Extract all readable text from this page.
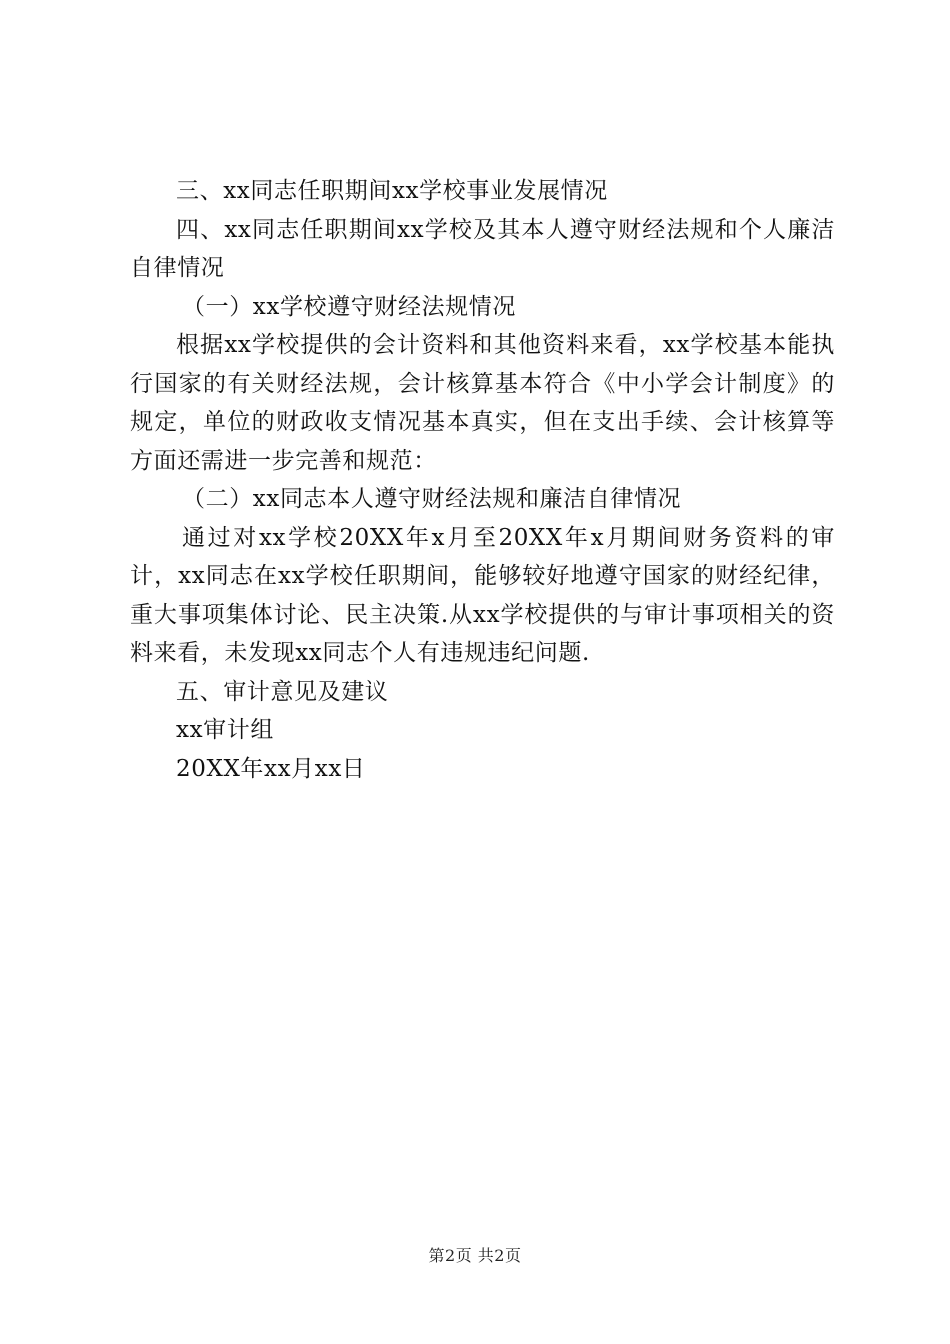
三、xx同志任职期间xx学校事业发展情况

四、xx同志任职期间xx学校及其本人遵守财经法规和个人廉洁自律情况

（一）xx学校遵守财经法规情况

根据xx学校提供的会计资料和其他资料来看，xx学校基本能执行国家的有关财经法规，会计核算基本符合《中小学会计制度》的规定，单位的财政收支情况基本真实，但在支出手续、会计核算等方面还需进一步完善和规范：

（二）xx同志本人遵守财经法规和廉洁自律情况

通过对xx学校20XX年x月至20XX年x月期间财务资料的审计，xx同志在xx学校任职期间，能够较好地遵守国家的财经纪律，重大事项集体讨论、民主决策.从xx学校提供的与审计事项相关的资料来看，未发现xx同志个人有违规违纪问题.

五、审计意见及建议

xx审计组

20XX年xx月xx日

第2页 共2页
